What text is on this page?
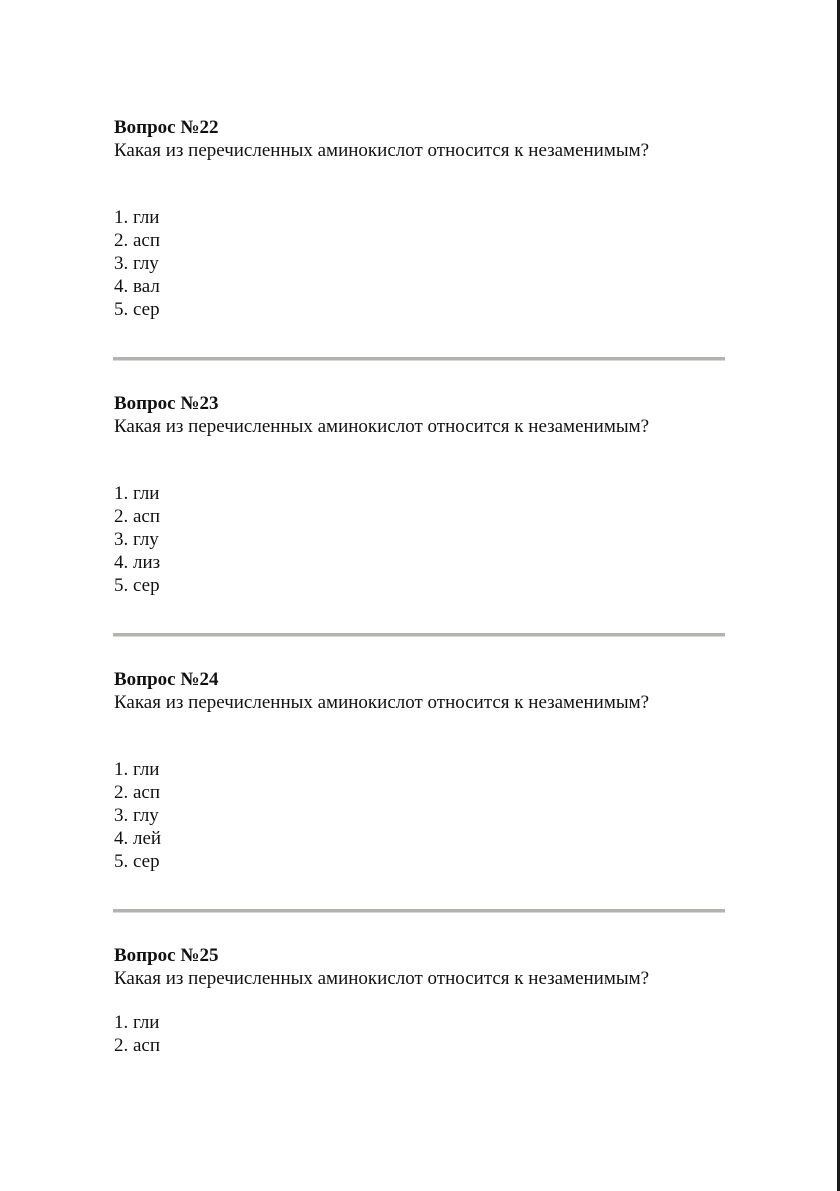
Вопрос №22
Какая из перечисленных аминокислот относится к незаменимым?
1. гли
2. асп
3. глу
4. вал
5. сер
Вопрос №23
Какая из перечисленных аминокислот относится к незаменимым?
1. гли
2. асп
3. глу
4. лиз
5. сер
Вопрос №24
Какая из перечисленных аминокислот относится к незаменимым?
1. гли
2. асп
3. глу
4. лей
5. сер
Вопрос №25
Какая из перечисленных аминокислот относится к незаменимым?
1. гли
2. асп
